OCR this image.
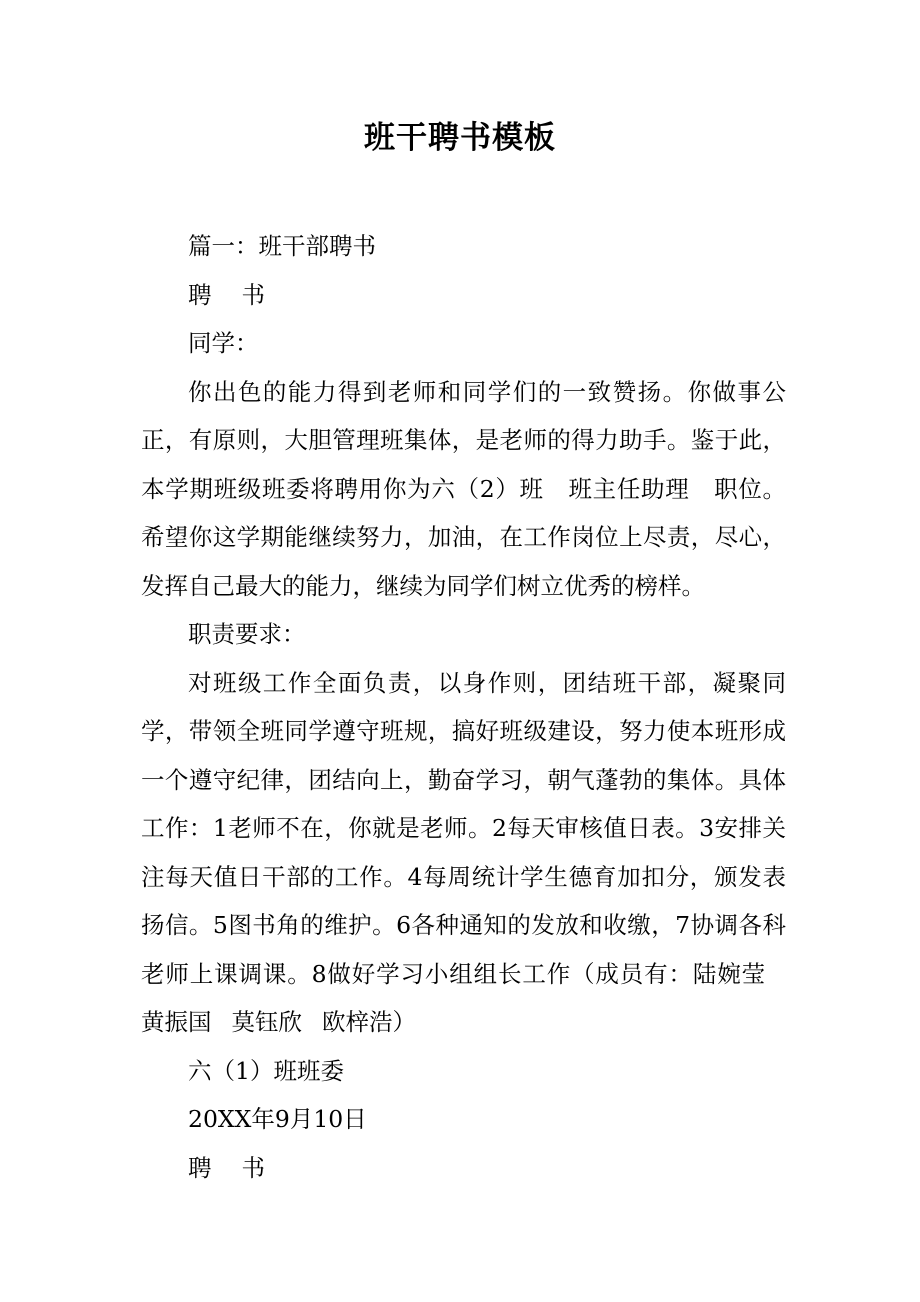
班干聘书模板

篇一：班干部聘书

聘 书

同学：

你出色的能力得到老师和同学们的一致赞扬。你做事公正，有原则，大胆管理班集体，是老师的得力助手。鉴于此，本学期班级班委将聘用你为六（2）班 班主任助理 职位。希望你这学期能继续努力，加油，在工作岗位上尽责，尽心，发挥自己最大的能力，继续为同学们树立优秀的榜样。

职责要求：

对班级工作全面负责，以身作则，团结班干部，凝聚同学，带领全班同学遵守班规，搞好班级建设，努力使本班形成一个遵守纪律，团结向上，勤奋学习，朝气蓬勃的集体。具体工作：1老师不在，你就是老师。2每天审核值日表。3安排关注每天值日干部的工作。4每周统计学生德育加扣分，颁发表扬信。5图书角的维护。6各种通知的发放和收缴，7协调各科老师上课调课。8做好学习小组组长工作（成员有：陆婉莹黄振国 莫钰欣 欧梓浩）

六（1）班班委

20XX年9月10日

聘 书
